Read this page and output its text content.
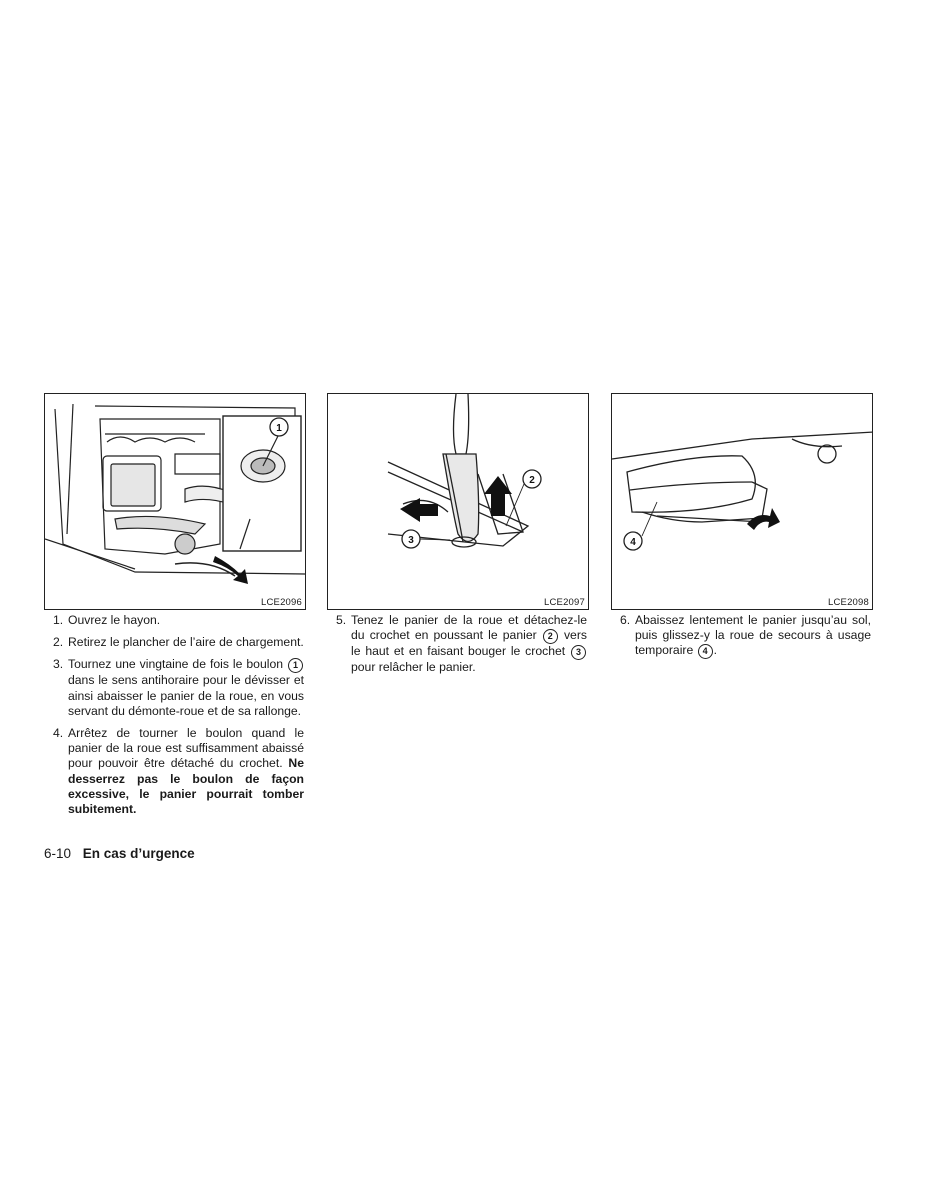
1
LCE2096
2
3
LCE2097
4
LCE2098
1. Ouvrez le hayon.
2. Retirez le plancher de l’aire de chargement.
3. Tournez une vingtaine de fois le boulon 1 dans le sens antihoraire pour le dévisser et ainsi abaisser le panier de la roue, en vous servant du démonte-roue et de sa rallonge.
4. Arrêtez de tourner le boulon quand le panier de la roue est suffisamment abaissé pour pouvoir être détaché du crochet. Ne desserrez pas le boulon de façon excessive, le panier pourrait tomber subitement.
5. Tenez le panier de la roue et détachez-le du crochet en poussant le panier 2 vers le haut et en faisant bouger le crochet 3 pour relâcher le panier.
6. Abaissez lentement le panier jusqu’au sol, puis glissez-y la roue de secours à usage temporaire 4 .
6-10 En cas d’urgence
